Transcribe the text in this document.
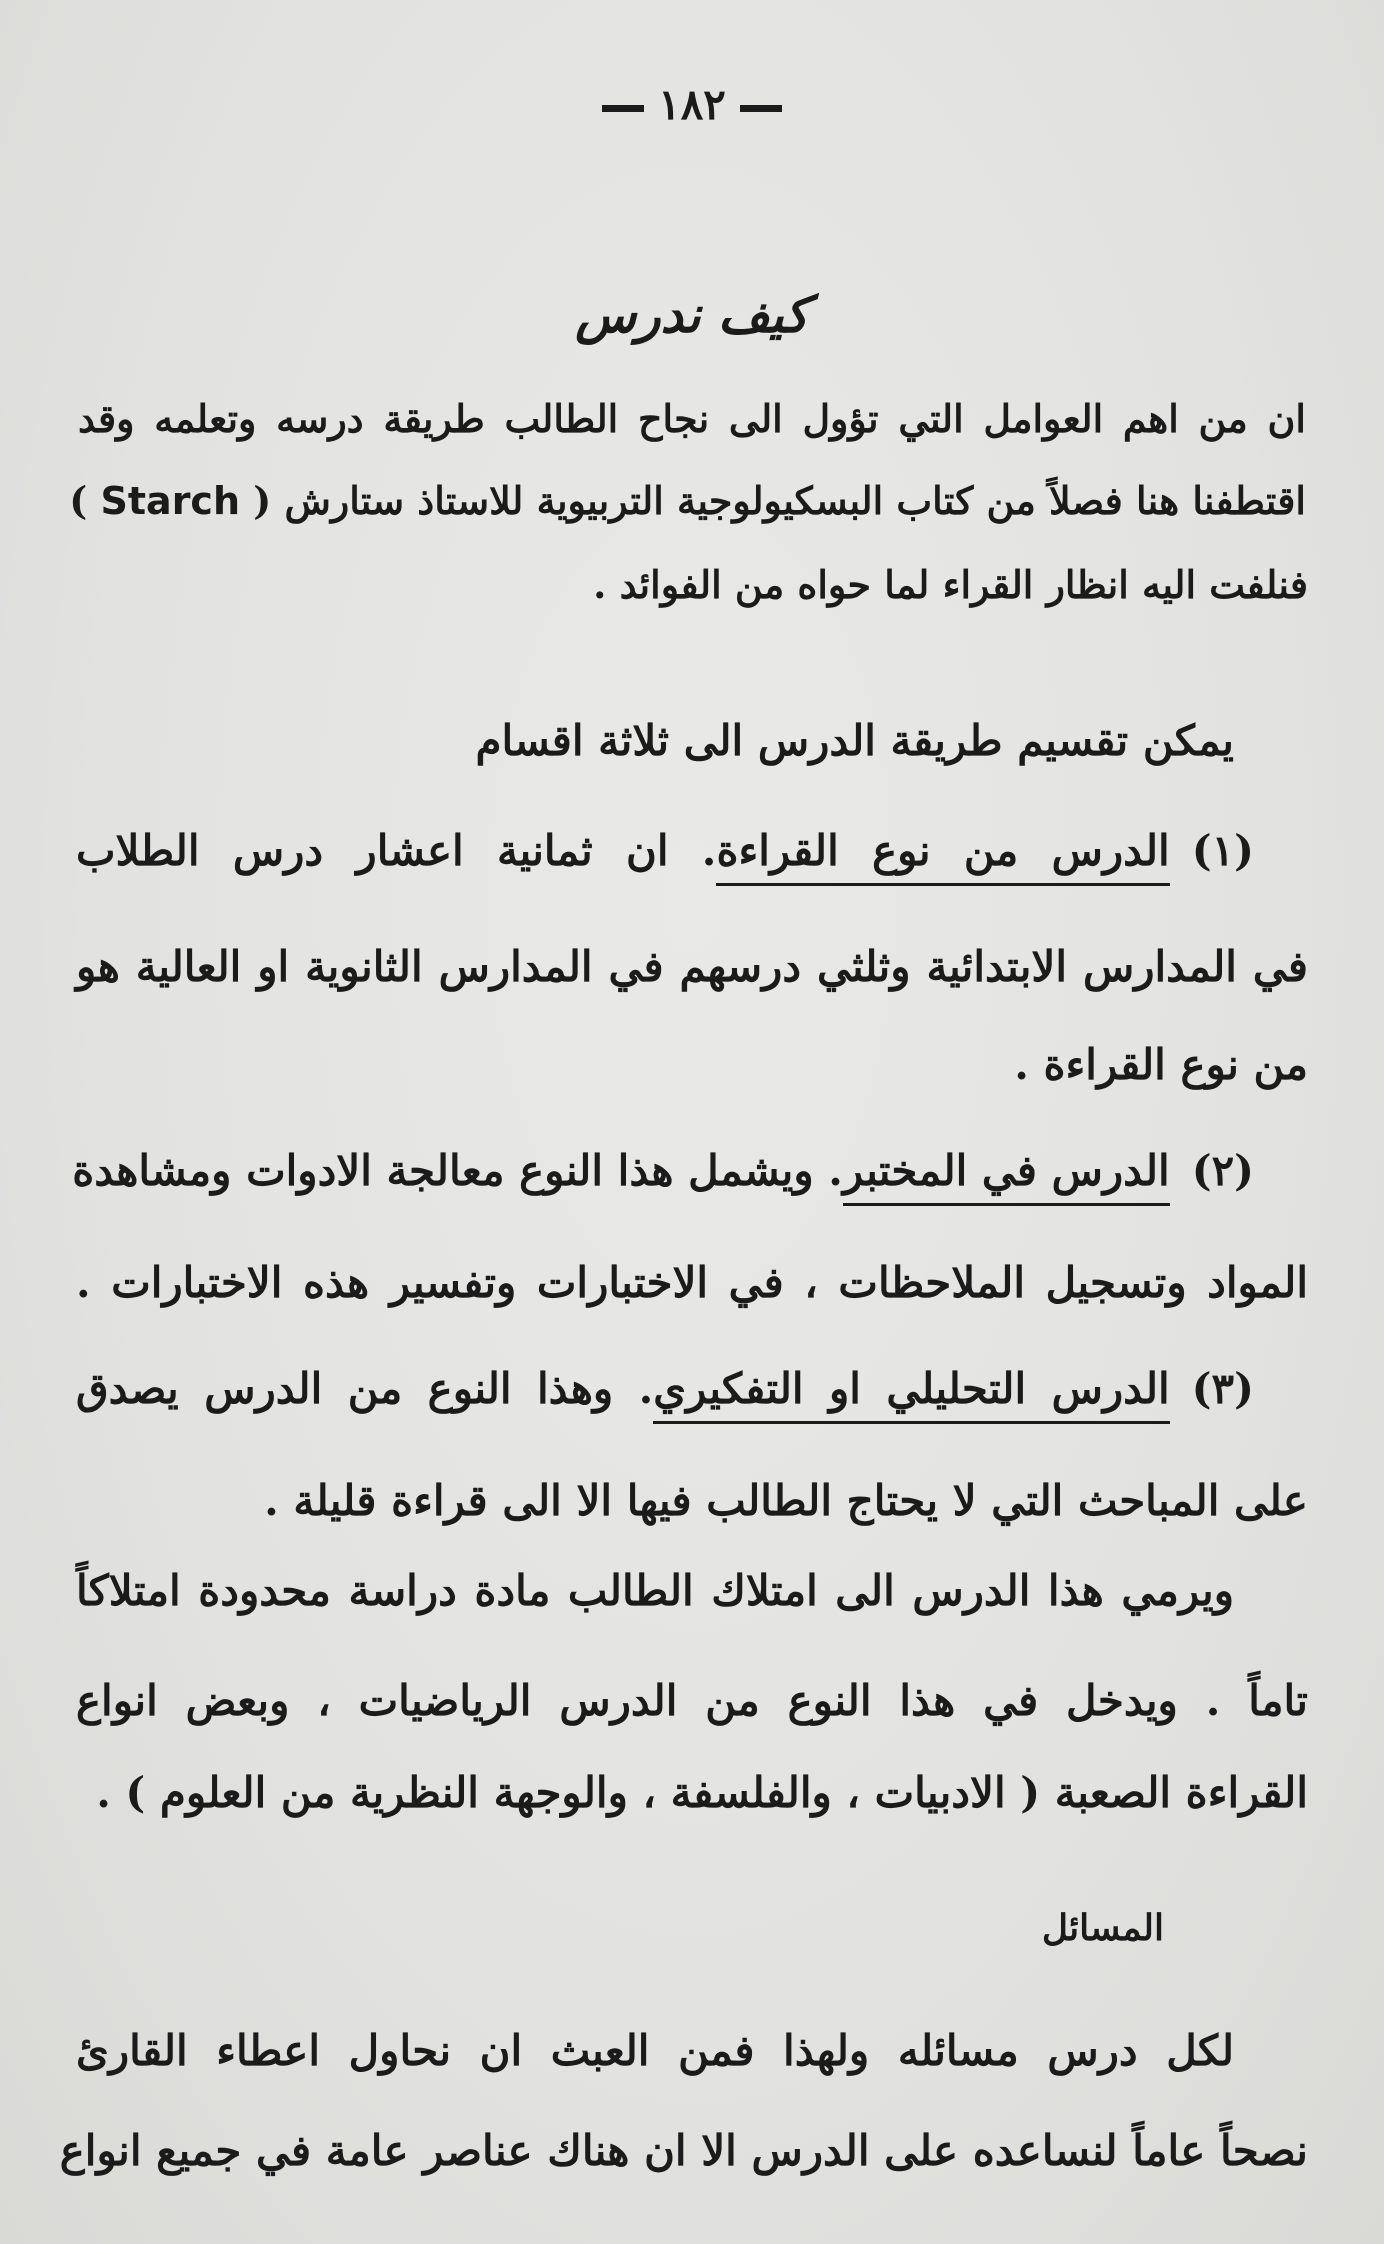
١٨٢
كيف ندرس
ان من اهم العوامل التي تؤول الى نجاح الطالب طريقة درسه وتعلمه وقد
اقتطفنا هنا فصلاً من كتاب البسكيولوجية التربيوية للاستاذ ستارش ( Starch )
فنلفت اليه انظار القراء لما حواه من الفوائد .
يمكن تقسيم طريقة الدرس الى ثلاثة اقسام
(١)الدرس من نوع القراءة. ان ثمانية اعشار درس الطلاب
في المدارس الابتدائية وثلثي درسهم في المدارس الثانوية او العالية هو
من نوع القراءة .
(٢)الدرس في المختبر. ويشمل هذا النوع معالجة الادوات ومشاهدة
المواد وتسجيل الملاحظات ، في الاختبارات وتفسير هذه الاختبارات .
(٣)الدرس التحليلي او التفكيري. وهذا النوع من الدرس يصدق
على المباحث التي لا يحتاج الطالب فيها الا الى قراءة قليلة .
ويرمي هذا الدرس الى امتلاك الطالب مادة دراسة محدودة امتلاكاً
تاماً . ويدخل في هذا النوع من الدرس الرياضيات ، وبعض انواع
القراءة الصعبة ( الادبيات ، والفلسفة ، والوجهة النظرية من العلوم ) .
المسائل
لكل درس مسائله ولهذا فمن العبث ان نحاول اعطاء القارئ
نصحاً عاماً لنساعده على الدرس الا ان هناك عناصر عامة في جميع انواع
